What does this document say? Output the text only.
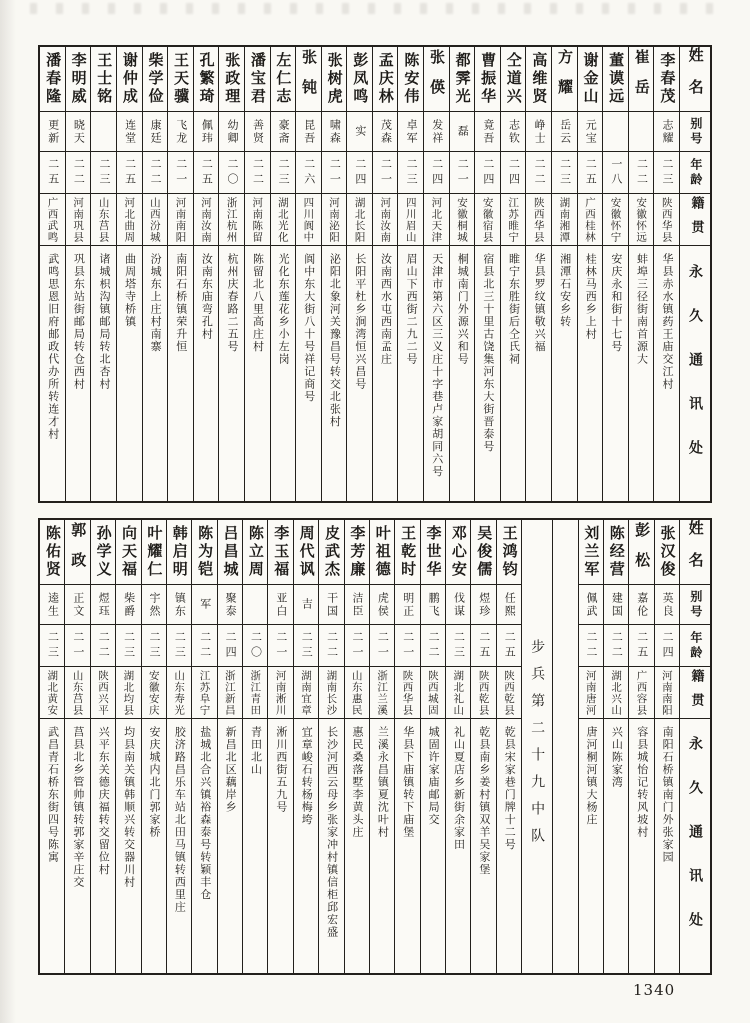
姓名
别号
年龄
籍贯
永久通讯处
李春茂
志耀
二三
陕西华县
华县赤水镇药王庙交江村
崔岳
二二
安徽怀远
蚌埠三径街南首源大
董谟远
一八
安徽怀宁
安庆永和街十七号
谢金山
元宝
二五
广西桂林
桂林马西乡上村
方耀
岳云
二三
湖南湘潭
湘潭石安乡转
高维贤
峥士
二二
陕西华县
华县罗纹镇敬兴福
仝道兴
志钦
二四
江苏睢宁
睢宁东胜街后仝氏祠
曹振华
竟吾
二四
安徽宿县
宿县北三十里古饶集河东大街晋泰号
都霁光
磊
二一
安徽桐城
桐城南门外源兴和号
张偀
发祥
二四
河北天津
天津市第六区三义庄十字巷卢家胡同六号
陈安伟
卓军
二三
四川眉山
眉山下西街二九二号
孟庆林
茂森
二一
河南汝南
汝南西水屯西南孟庄
彭凤鸣
实
二四
湖北长阳
长阳平杜乡涧湾恒兴昌号
张树虎
啸森
二一
河南泌阳
泌阳北象河关豫昌号转交北张村
张钝
昆吾
二六
四川阆中
阆中东大街八十号祥记商号
左仁志
豪斋
二三
湖北光化
光化东莲花乡小左岗
潘宝君
善贤
二二
河南陈留
陈留北八里高庄村
张政理
幼卿
二〇
浙江杭州
杭州庆春路二五号
孔繁琦
佩玮
二五
河南汝南
汝南东庙弯孔村
王天骥
飞龙
二一
河南南阳
南阳石桥镇荣升恒
柴学俭
康廷
二二
山西汾城
汾城东上庄村南寨
谢仲成
连堂
二五
河北曲周
曲周塔寺桥镇
王士铭
二三
山东莒县
诸城枳沟镇邮局转北杏村
李明威
晓天
二二
河南巩县
巩县东站街邮局转仓西村
潘春隆
更新
二五
广西武鸣
武鸣思恩旧府邮政代办所转连才村
姓名
别号
年龄
籍贯
永久通讯处
张汉俊
英良
二四
河南南阳
南阳石桥镇南门外张家园
彭松
嘉伦
二五
广西容县
容县城怡记转风坡村
陈经营
建国
二二
湖北兴山
兴山陈家湾
刘兰军
佩武
二二
河南唐河
唐河桐河镇大杨庄
步兵第二十九中队
王鸿钧
任熙
二五
陕西乾县
乾县宋家巷门牌十二号
吴俊儒
煜珍
二五
陕西乾县
乾县南乡姜村镇双羊吴家堡
邓心安
伐谋
二三
湖北礼山
礼山夏店乡新街余家田
李世华
鹏飞
二二
陕西城固
城固许家庙邮局交
王乾时
明正
二一
陕西华县
华县下庙镇转下庙堡
叶祖德
虎侯
二一
浙江兰溪
兰溪永昌镇夏沈叶村
李芳廉
洁臣
二一
山东惠民
惠民桑落墅李黄头庄
皮武杰
干国
二二
湖南长沙
长沙河西云母乡张家冲村镇信柜邱宏盛
周代讽
吉
二三
湖南宜章
宜章峻石转杨梅垮
李玉福
亚白
二一
河南淅川
淅川西街五九号
陈立周
二〇
浙江青田
青田北山
吕昌城
聚泰
二四
浙江新昌
新昌北区藕岸乡
陈为铠
军
二二
江苏阜宁
盐城北合兴镇裕森泰号转颖丰仓
韩启明
镇东
二三
山东寿光
胶济路昌乐车站北田马镇转西里庄
叶耀仁
宇然
二三
安徽安庆
安庆城内北门郭家桥
向天福
柴爵
二三
湖北均县
均县南关镇韩顺兴转交器川村
孙学义
煜珏
二二
陕西兴平
兴平东关德庆福转交留位村
郭政
正文
二一
山东莒县
莒县北乡管帅镇转郭家辛庄交
陈佑贤
逵生
二三
湖北黄安
武昌青石桥东街四号陈寓
1340
